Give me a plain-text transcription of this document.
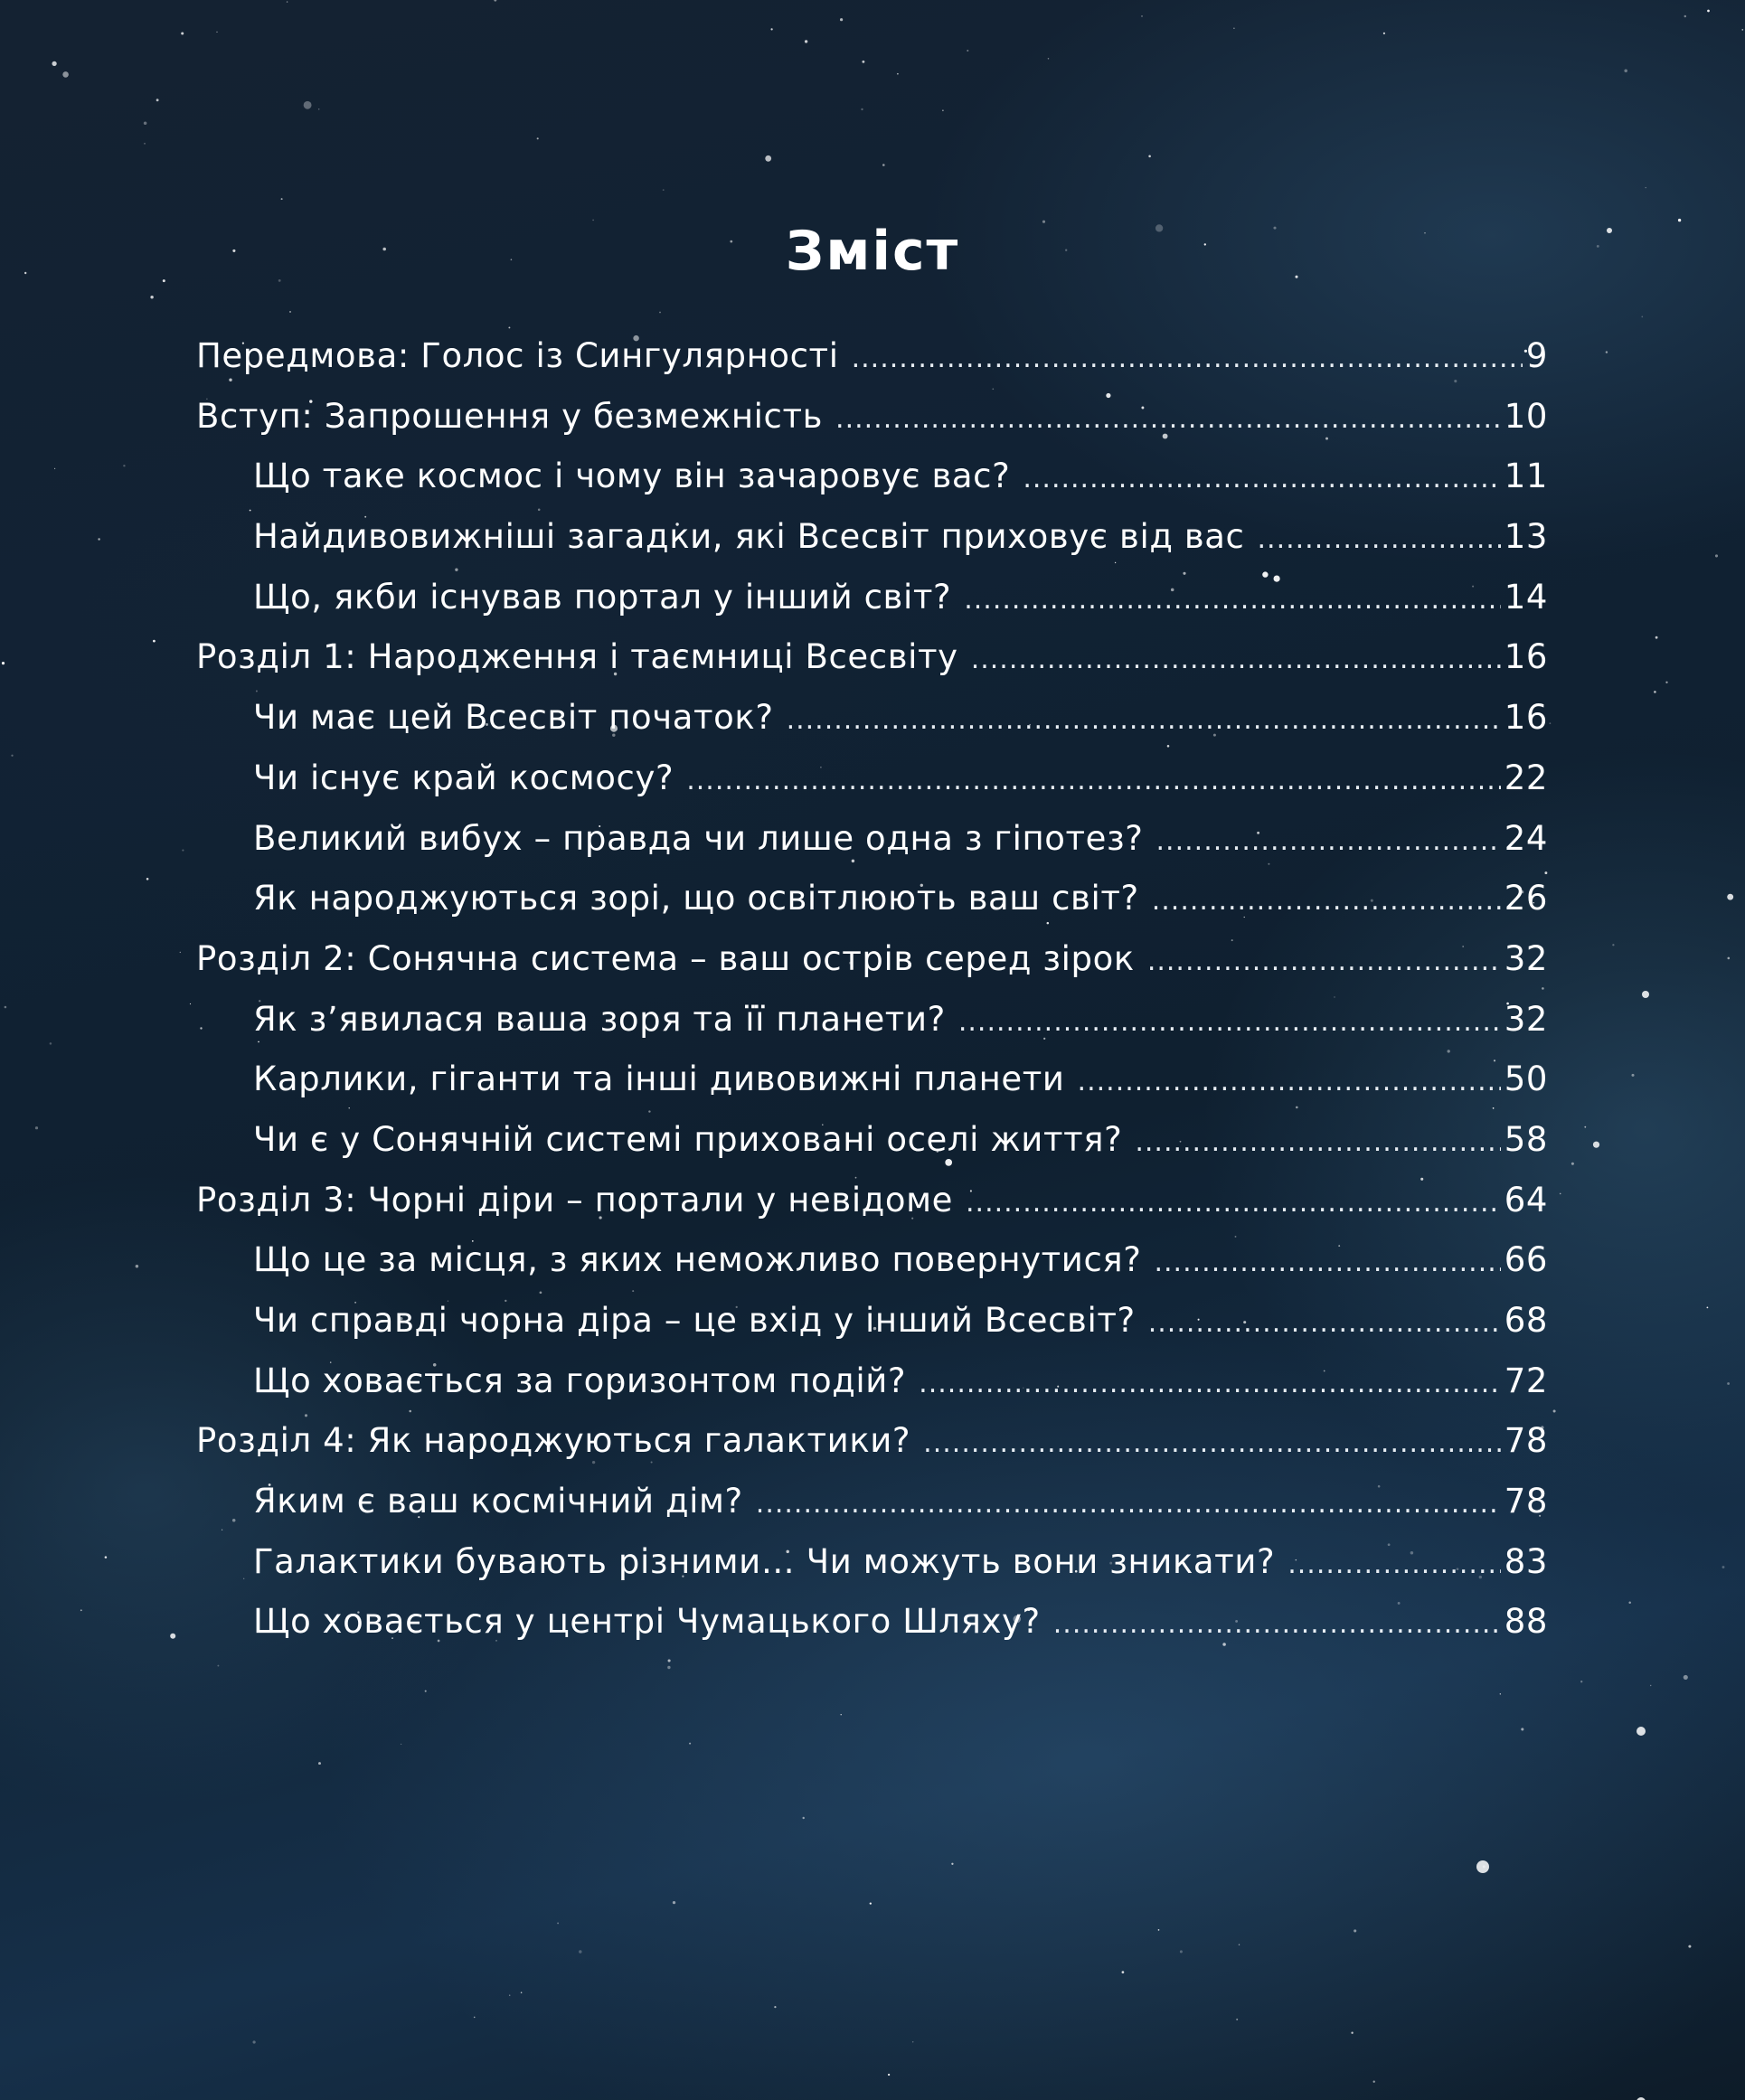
Зміст
Передмова: Голос із Сингулярності .....	9
Вступ: Запрошення у безмежність .....	10
Що таке космос і чому він зачаровує вас? .....	11
Найдивовижніші загадки, які Всесвіт приховує від вас .....	13
Що, якби існував портал у інший світ? .....	14
Розділ 1: Народження і таємниці Всесвіту .....	16
Чи має цей Всесвіт початок? .....	16
Чи існує край космосу? .....	22
Великий вибух – правда чи лише одна з гіпотез? .....	24
Як народжуються зорі, що освітлюють ваш світ? .....	26
Розділ 2: Сонячна система – ваш острів серед зірок .....	32
Як з’явилася ваша зоря та її планети? .....	32
Карлики, гіганти та інші дивовижні планети .....	50
Чи є у Сонячній системі приховані оселі життя? .....	58
Розділ 3: Чорні діри – портали у невідоме .....	64
Що це за місця, з яких неможливо повернутися? .....	66
Чи справді чорна діра – це вхід у інший Всесвіт? .....	68
Що ховається за горизонтом подій? .....	72
Розділ 4: Як народжуються галактики? .....	78
Яким є ваш космічний дім? .....	78
Галактики бувають різними… Чи можуть вони зникати? .....	83
Що ховається у центрі Чумацького Шляху? .....	88
